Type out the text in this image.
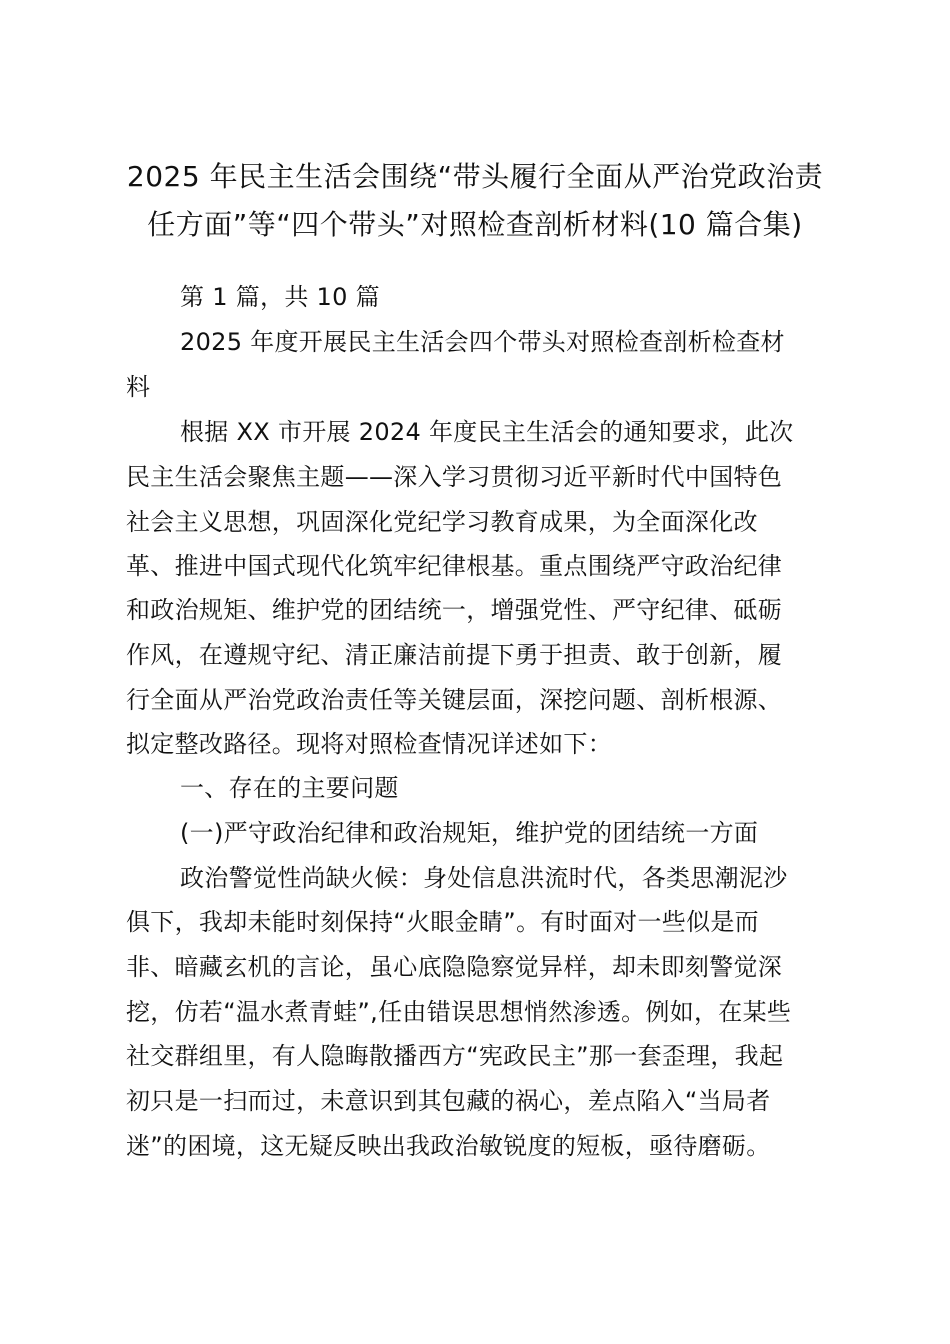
2025 年民主生活会围绕“带头履行全面从严治党政治责
任方面”等“四个带头”对照检查剖析材料(10 篇合集)
第 1 篇，共 10 篇
2025 年度开展民主生活会四个带头对照检查剖析检查材
料
根据 XX 市开展 2024 年度民主生活会的通知要求，此次
民主生活会聚焦主题——深入学习贯彻习近平新时代中国特色
社会主义思想，巩固深化党纪学习教育成果，为全面深化改
革、推进中国式现代化筑牢纪律根基。重点围绕严守政治纪律
和政治规矩、维护党的团结统一，增强党性、严守纪律、砥砺
作风，在遵规守纪、清正廉洁前提下勇于担责、敢于创新，履
行全面从严治党政治责任等关键层面，深挖问题、剖析根源、
拟定整改路径。现将对照检查情况详述如下：
一、存在的主要问题
(一)严守政治纪律和政治规矩，维护党的团结统一方面
政治警觉性尚缺火候：身处信息洪流时代，各类思潮泥沙
俱下，我却未能时刻保持“火眼金睛”。有时面对一些似是而
非、暗藏玄机的言论，虽心底隐隐察觉异样，却未即刻警觉深
挖，仿若“温水煮青蛙”,任由错误思想悄然渗透。例如，在某些
社交群组里，有人隐晦散播西方“宪政民主”那一套歪理，我起
初只是一扫而过，未意识到其包藏的祸心，差点陷入“当局者
迷”的困境，这无疑反映出我政治敏锐度的短板，亟待磨砺。
